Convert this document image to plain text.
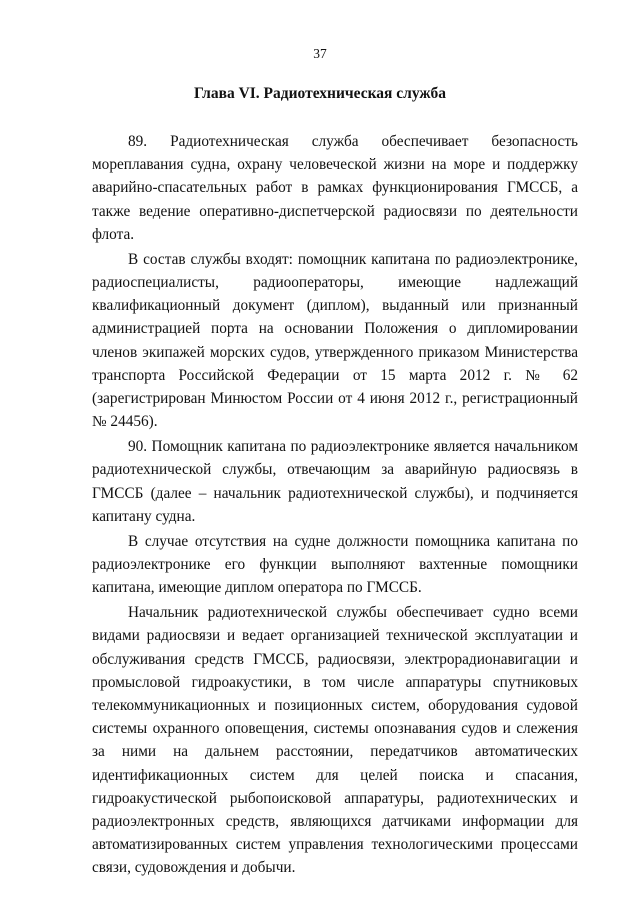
37
Глава VI. Радиотехническая служба

89. Радиотехническая служба обеспечивает безопасность мореплавания судна, охрану человеческой жизни на море и поддержку аварийно-спасательных работ в рамках функционирования ГМССБ, а также ведение оперативно-диспетчерской радиосвязи по деятельности флота.

В состав службы входят: помощник капитана по радиоэлектронике, радиоспециалисты, радиооператоры, имеющие надлежащий квалификационный документ (диплом), выданный или признанный администрацией порта на основании Положения о дипломировании членов экипажей морских судов, утвержденного приказом Министерства транспорта Российской Федерации от 15 марта 2012 г. № 62 (зарегистрирован Минюстом России от 4 июня 2012 г., регистрационный № 24456).

90. Помощник капитана по радиоэлектронике является начальником радиотехнической службы, отвечающим за аварийную радиосвязь в ГМССБ (далее – начальник радиотехнической службы), и подчиняется капитану судна.

В случае отсутствия на судне должности помощника капитана по радиоэлектронике его функции выполняют вахтенные помощники капитана, имеющие диплом оператора по ГМССБ.

Начальник радиотехнической службы обеспечивает судно всеми видами радиосвязи и ведает организацией технической эксплуатации и обслуживания средств ГМССБ, радиосвязи, электрорадионавигации и промысловой гидроакустики, в том числе аппаратуры спутниковых телекоммуникационных и позиционных систем, оборудования судовой системы охранного оповещения, системы опознавания судов и слежения за ними на дальнем расстоянии, передатчиков автоматических идентификационных систем для целей поиска и спасания, гидроакустической рыбопоисковой аппаратуры, радиотехнических и радиоэлектронных средств, являющихся датчиками информации для автоматизированных систем управления технологическими процессами связи, судовождения и добычи.
